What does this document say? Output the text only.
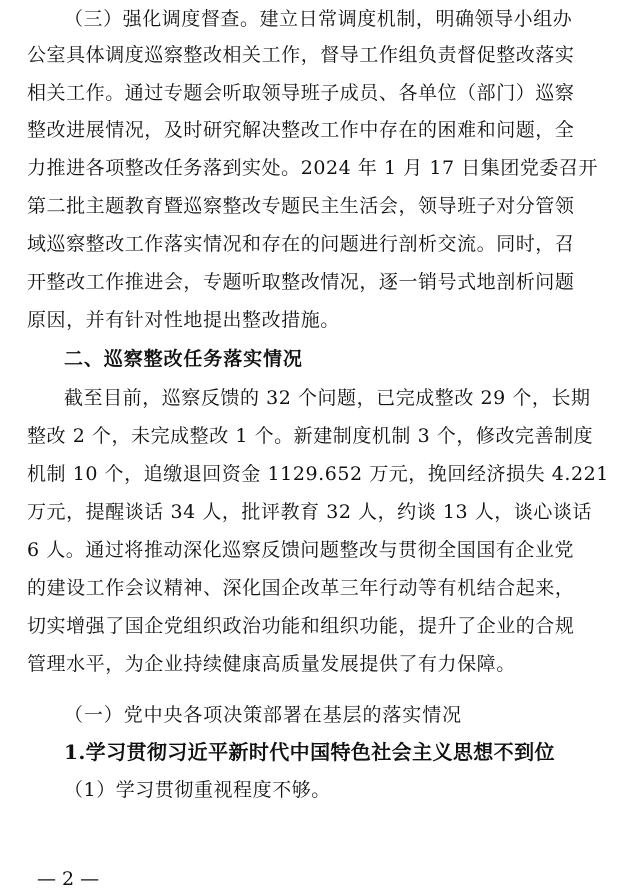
（三）强化调度督查。建立日常调度机制，明确领导小组办
公室具体调度巡察整改相关工作，督导工作组负责督促整改落实
相关工作。通过专题会听取领导班子成员、各单位（部门）巡察
整改进展情况，及时研究解决整改工作中存在的困难和问题，全
力推进各项整改任务落到实处。2024 年 1 月 17 日集团党委召开
第二批主题教育暨巡察整改专题民主生活会，领导班子对分管领
域巡察整改工作落实情况和存在的问题进行剖析交流。同时，召
开整改工作推进会，专题听取整改情况，逐一销号式地剖析问题
原因，并有针对性地提出整改措施。
二、巡察整改任务落实情况
截至目前，巡察反馈的 32 个问题，已完成整改 29 个，长期
整改 2 个，未完成整改 1 个。新建制度机制 3 个，修改完善制度
机制 10 个，追缴退回资金 1129.652 万元，挽回经济损失 4.221
万元，提醒谈话 34 人，批评教育 32 人，约谈 13 人，谈心谈话
6 人。通过将推动深化巡察反馈问题整改与贯彻全国国有企业党
的建设工作会议精神、深化国企改革三年行动等有机结合起来，
切实增强了国企党组织政治功能和组织功能，提升了企业的合规
管理水平，为企业持续健康高质量发展提供了有力保障。
（一）党中央各项决策部署在基层的落实情况
1.学习贯彻习近平新时代中国特色社会主义思想不到位
（1）学习贯彻重视程度不够。
— 2 —
